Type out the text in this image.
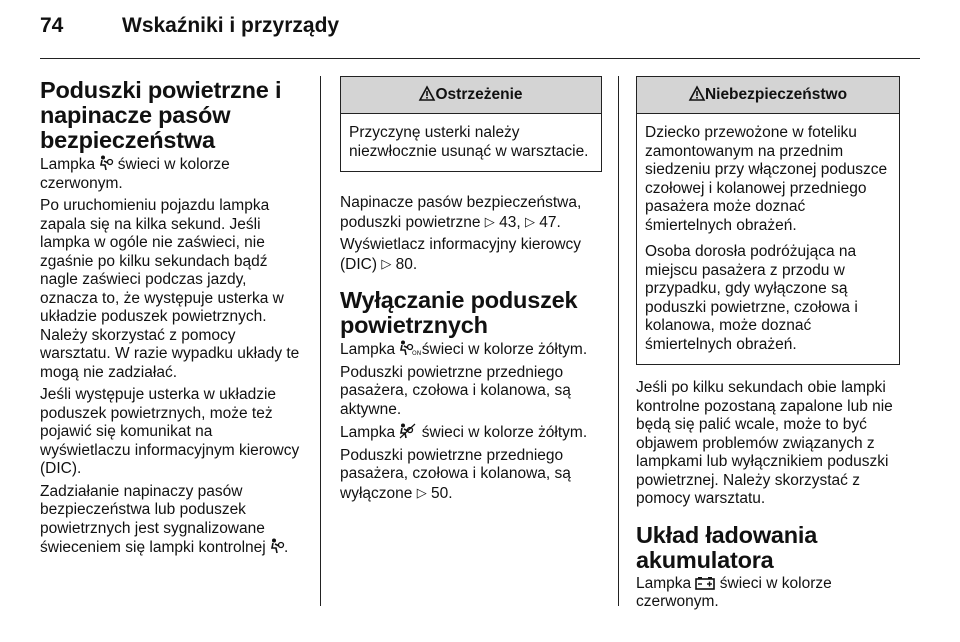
74	Wskaźniki i przyrządy
Poduszki powietrzne i napinacze pasów bezpieczeństwa

Lampka świeci w kolorze czerwonym.

Po uruchomieniu pojazdu lampka zapala się na kilka sekund. Jeśli lampka w ogóle nie zaświeci, nie zgaśnie po kilku sekundach bądź nagle zaświeci podczas jazdy, oznacza to, że występuje usterka w układzie poduszek powietrznych. Należy skorzystać z pomocy warsztatu. W razie wypadku układy te mogą nie zadziałać.

Jeśli występuje usterka w układzie poduszek powietrznych, może też pojawić się komunikat na wyświetlaczu informacyjnym kierowcy (DIC).

Zadziałanie napinaczy pasów bezpieczeństwa lub poduszek powietrznych jest sygnalizowane świeceniem się lampki kontrolnej .

Ostrzeżenie

Przyczynę usterki należy niezwłocznie usunąć w warsztacie.

Napinacze pasów bezpieczeństwa, poduszki powietrzne ▷ 43, ▷ 47.

Wyświetlacz informacyjny kierowcy (DIC) ▷ 80.

Wyłączanie poduszek powietrznych

Lampka	ON świeci w kolorze żółtym.

Poduszki powietrzne przedniego pasażera, czołowa i kolanowa, są aktywne.

Lampka świeci w kolorze żółtym.

Poduszki powietrzne przedniego pasażera, czołowa i kolanowa, są wyłączone ▷ 50.

Niebezpieczeństwo

Dziecko przewożone w foteliku zamontowanym na przednim siedzeniu przy włączonej poduszce czołowej i kolanowej przedniego pasażera może doznać śmiertelnych obrażeń.

Osoba dorosła podróżująca na miejscu pasażera z przodu w przypadku, gdy wyłączone są poduszki powietrzne, czołowa i kolanowa, może doznać śmiertelnych obrażeń.

Jeśli po kilku sekundach obie lampki kontrolne pozostaną zapalone lub nie będą się palić wcale, może to być objawem problemów związanych z lampkami lub wyłącznikiem poduszki powietrznej. Należy skorzystać z pomocy warsztatu.

Układ ładowania akumulatora

Lampka świeci w kolorze czerwonym.
